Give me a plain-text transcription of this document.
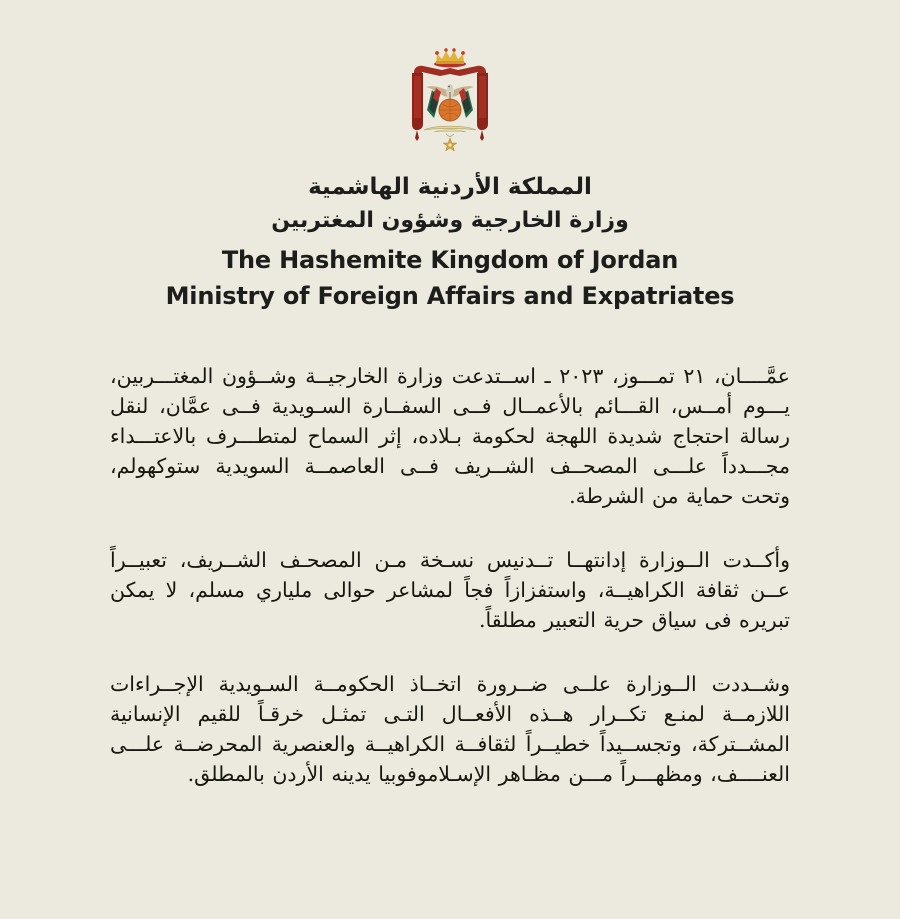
المملكة الأردنية الهاشمية
وزارة الخارجية وشؤون المغتربين
The Hashemite Kingdom of Jordan
Ministry of Foreign Affairs and Expatriates

عمَّــــان، ٢١ تمـــوز، ٢٠٢٣ ـ اســتدعت وزارة الخارجيــة وشــؤون المغتـــربين، يـــوم أمــس، القـــائم بالأعمــال فــى السفــارة السـويدية فــى عمَّان، لنقل رسالة احتجاج شديدة اللهجة لحكومة بـلاده، إثر السماح لمتطـــرف بالاعتـــداء مجـــدداً علـــى المصحــف الشــريف فــى العاصمــة السويدية ستوكهولم، وتحت حماية من الشرطة.

وأكــدت الــوزارة إدانتهــا تــدنيس نسـخة مـن المصحـف الشــريف، تعبيــراً عــن ثقافة الكراهيــة، واستفزازاً فجاً لمشاعر حوالى ملياري مسلم، لا يمكن تبريره فى سياق حرية التعبير مطلقاً.

وشــددت الــوزارة علــى ضــرورة اتخــاذ الحكومــة السـويدية الإجــراءات اللازمــة لمنـع تكــرار هــذه الأفعــال التـى تمثـل خرقـاً للقيم الإنسانية المشــتركة، وتجســيداً خطيــراً لثقافــة الكراهيــة والعنصرية المحرضــة علـــى العنــــف، ومظهـــراً مـــن مظـاهر الإسـلاموفوبيا يدينه الأردن بالمطلق.
